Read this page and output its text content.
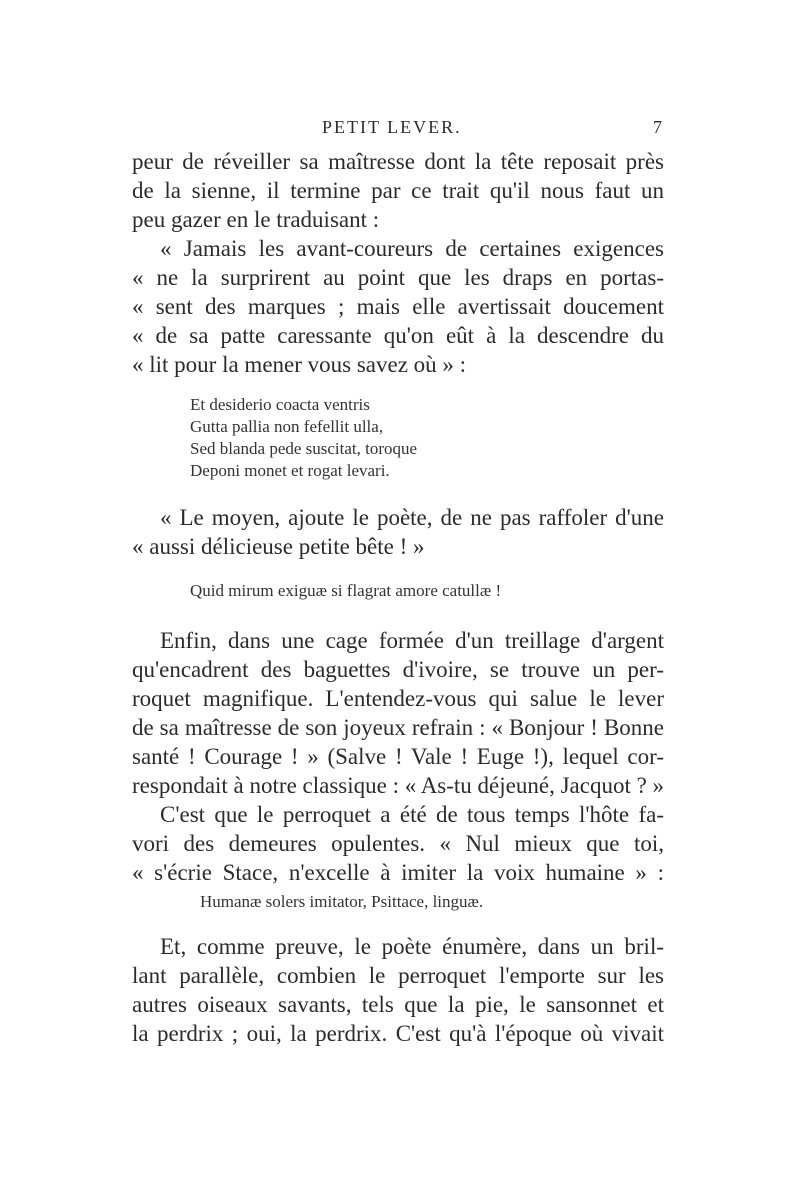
PETIT LEVER.	7
peur de réveiller sa maîtresse dont la tête reposait près
de la sienne, il termine par ce trait qu'il nous faut un
peu gazer en le traduisant :
« Jamais les avant-coureurs de certaines exigences
« ne la surprirent au point que les draps en portas-
« sent des marques ; mais elle avertissait doucement
« de sa patte caressante qu'on eût à la descendre du
« lit pour la mener vous savez où » :
Et desiderio coacta ventris
Gutta pallia non fefellit ulla,
Sed blanda pede suscitat, toroque
Deponi monet et rogat levari.
« Le moyen, ajoute le poète, de ne pas raffoler d'une
« aussi délicieuse petite bête ! »
Quid mirum exiguæ si flagrat amore catullæ !
Enfin, dans une cage formée d'un treillage d'argent
qu'encadrent des baguettes d'ivoire, se trouve un per-
roquet magnifique. L'entendez-vous qui salue le lever
de sa maîtresse de son joyeux refrain : « Bonjour ! Bonne
santé ! Courage ! » (Salve ! Vale ! Euge !), lequel cor-
respondait à notre classique : « As-tu déjeuné, Jacquot ? »
C'est que le perroquet a été de tous temps l'hôte fa-
vori des demeures opulentes. « Nul mieux que toi,
« s'écrie Stace, n'excelle à imiter la voix humaine » :
Humanæ solers imitator, Psittace, linguæ.
Et, comme preuve, le poète énumère, dans un bril-
lant parallèle, combien le perroquet l'emporte sur les
autres oiseaux savants, tels que la pie, le sansonnet et
la perdrix ; oui, la perdrix. C'est qu'à l'époque où vivait
